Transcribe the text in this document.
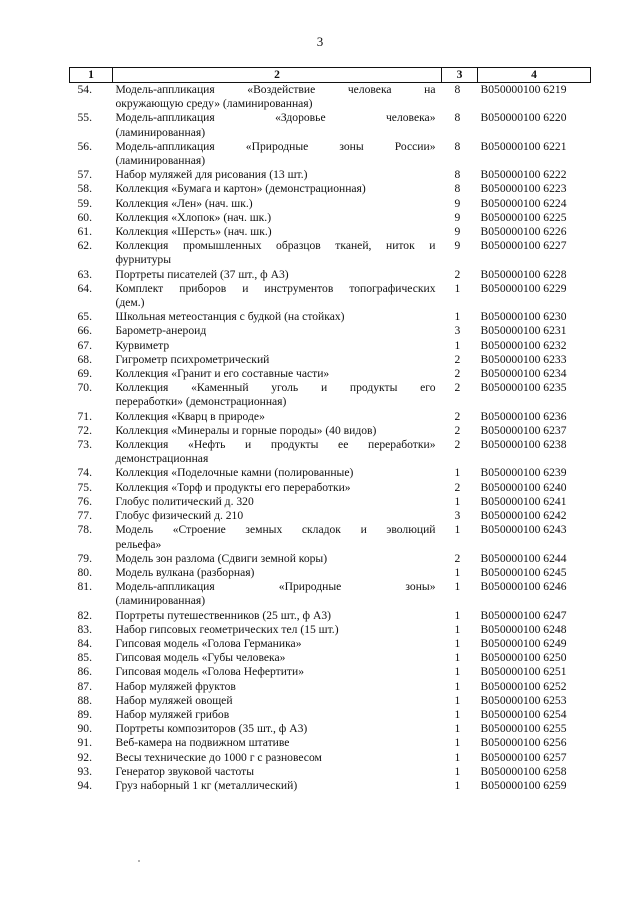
3
1	2	3	4
54.	Модель-аппликация «Воздействие человека на
окружающую среду» (ламинированная)	8	B050000100 6219
55.	Модель-аппликация «Здоровье человека»
(ламинированная)	8	B050000100 6220
56.	Модель-аппликация «Природные зоны России»
(ламинированная)	8	B050000100 6221
57.	Набор муляжей для рисования (13 шт.)	8	B050000100 6222
58.	Коллекция «Бумага и картон» (демонстрационная)	8	B050000100 6223
59.	Коллекция «Лен» (нач. шк.)	9	B050000100 6224
60.	Коллекция «Хлопок» (нач. шк.)	9	B050000100 6225
61.	Коллекция «Шерсть» (нач. шк.)	9	B050000100 6226
62.	Коллекция промышленных образцов тканей, ниток и
фурнитуры	9	B050000100 6227
63.	Портреты писателей (37 шт., ф А3)	2	B050000100 6228
64.	Комплект приборов и инструментов топографических
(дем.)	1	B050000100 6229
65.	Школьная метеостанция с будкой (на стойках)	1	B050000100 6230
66.	Барометр-анероид	3	B050000100 6231
67.	Курвиметр	1	B050000100 6232
68.	Гигрометр психрометрический	2	B050000100 6233
69.	Коллекция «Гранит и его составные части»	2	B050000100 6234
70.	Коллекция «Каменный уголь и продукты его
переработки» (демонстрационная)	2	B050000100 6235
71.	Коллекция «Кварц в природе»	2	B050000100 6236
72.	Коллекция «Минералы и горные породы» (40 видов)	2	B050000100 6237
73.	Коллекция «Нефть и продукты ее переработки»
демонстрационная	2	B050000100 6238
74.	Коллекция «Поделочные камни (полированные)	1	B050000100 6239
75.	Коллекция «Торф и продукты его переработки»	2	B050000100 6240
76.	Глобус политический д. 320	1	B050000100 6241
77.	Глобус физический д. 210	3	B050000100 6242
78.	Модель «Строение земных складок и эволюций
рельефа»	1	B050000100 6243
79.	Модель зон разлома (Сдвиги земной коры)	2	B050000100 6244
80.	Модель вулкана (разборная)	1	B050000100 6245
81.	Модель-аппликация «Природные зоны»
(ламинированная)	1	B050000100 6246
82.	Портреты путешественников (25 шт., ф А3)	1	B050000100 6247
83.	Набор гипсовых геометрических тел (15 шт.)	1	B050000100 6248
84.	Гипсовая модель «Голова Германика»	1	B050000100 6249
85.	Гипсовая модель «Губы человека»	1	B050000100 6250
86.	Гипсовая модель «Голова Нефертити»	1	B050000100 6251
87.	Набор муляжей фруктов	1	B050000100 6252
88.	Набор муляжей овощей	1	B050000100 6253
89.	Набор муляжей грибов	1	B050000100 6254
90.	Портреты композиторов (35 шт., ф А3)	1	B050000100 6255
91.	Веб-камера на подвижном штативе	1	B050000100 6256
92.	Весы технические до 1000 г с разновесом	1	B050000100 6257
93.	Генератор звуковой частоты	1	B050000100 6258
94.	Груз наборный 1 кг (металлический)	1	B050000100 6259
